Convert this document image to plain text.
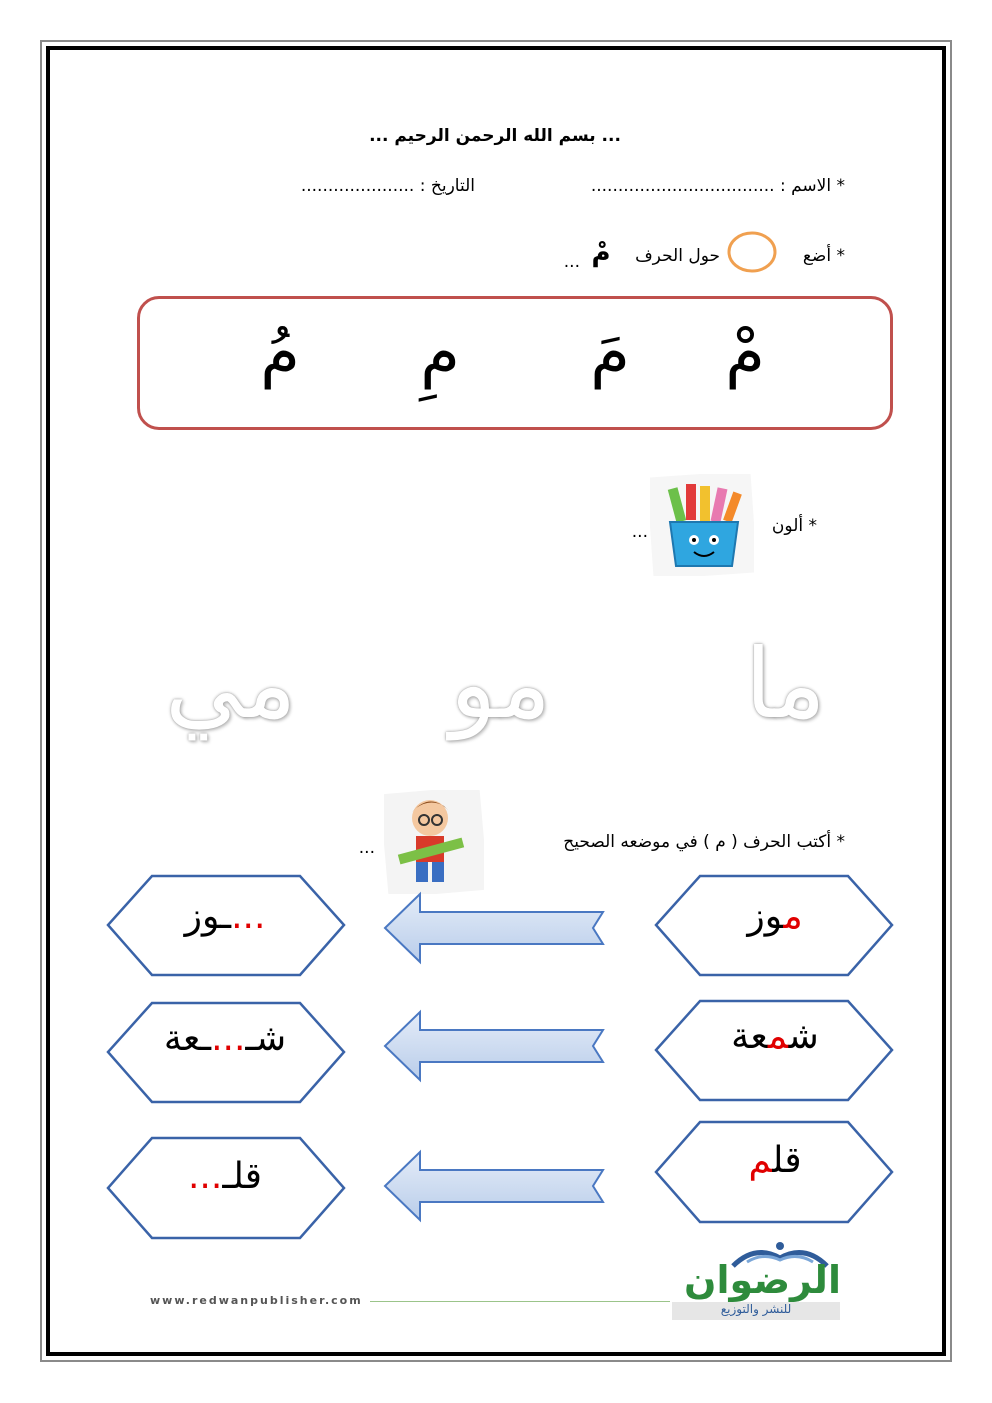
... بسم الله الرحمن الرحيم ...
* الاسم : ..................................
التاريخ : .....................
* أضع
حول الحرف
مْ
...
مْ
مَ
مِ
مُ
* ألون
...
ما
مو
مي
* أكتب الحرف ( م ) في موضعه الصحيح
...
موز
شمعة
قلم
...ـوز
شـ...ـعة
قلـ...
www.redwanpublisher.com	الرضوان
للنشر والتوزيع
